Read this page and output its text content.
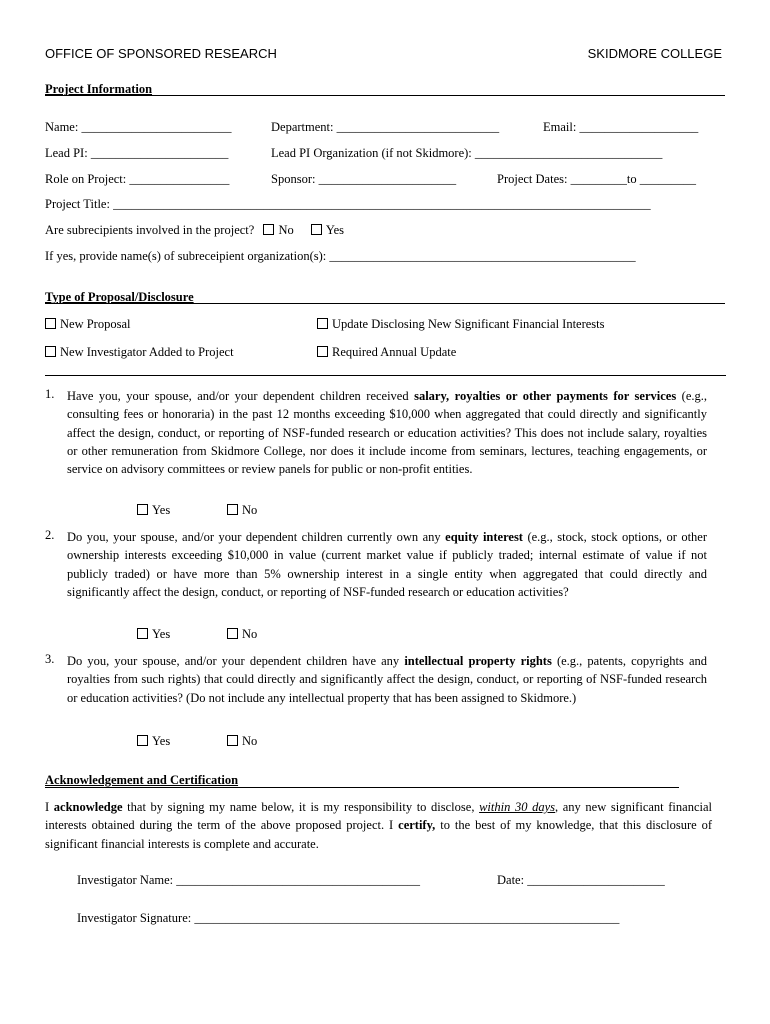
OFFICE OF SPONSORED RESEARCH	SKIDMORE COLLEGE
Project Information
Name: ________________________	Department: __________________________	Email: ___________________
Lead PI: ______________________	Lead PI Organization (if not Skidmore): ______________________________
Role on Project: ________________	Sponsor: ______________________	Project Dates: _________to _________
Project Title: ______________________________________________________________________________________
Are subrecipients involved in the project? No	Yes
If yes, provide name(s) of subreceipient organization(s): _________________________________________________
Type of Proposal/Disclosure
New Proposal	Update Disclosing New Significant Financial Interests
New Investigator Added to Project	Required Annual Update
1. Have you, your spouse, and/or your dependent children received salary, royalties or other payments for services (e.g., consulting fees or honoraria) in the past 12 months exceeding $10,000 when aggregated that could directly and significantly affect the design, conduct, or reporting of NSF-funded research or education activities? This does not include salary, royalties or other remuneration from Skidmore College, nor does it include income from seminars, lectures, teaching engagements, or service on advisory committees or review panels for public or non-profit entities.
Yes	No
2. Do you, your spouse, and/or your dependent children currently own any equity interest (e.g., stock, stock options, or other ownership interests exceeding $10,000 in value (current market value if publicly traded; internal estimate of value if not publicly traded) or have more than 5% ownership interest in a single entity when aggregated that could directly and significantly affect the design, conduct, or reporting of NSF-funded research or education activities?
Yes	No
3. Do you, your spouse, and/or your dependent children have any intellectual property rights (e.g., patents, copyrights and royalties from such rights) that could directly and significantly affect the design, conduct, or reporting of NSF-funded research or education activities? (Do not include any intellectual property that has been assigned to Skidmore.)
Yes	No
Acknowledgement and Certification
I acknowledge that by signing my name below, it is my responsibility to disclose, within 30 days, any new significant financial interests obtained during the term of the above proposed project. I certify, to the best of my knowledge, that this disclosure of significant financial interests is complete and accurate.
Investigator Name: _______________________________________	Date: ______________________
Investigator Signature: ____________________________________________________________________
